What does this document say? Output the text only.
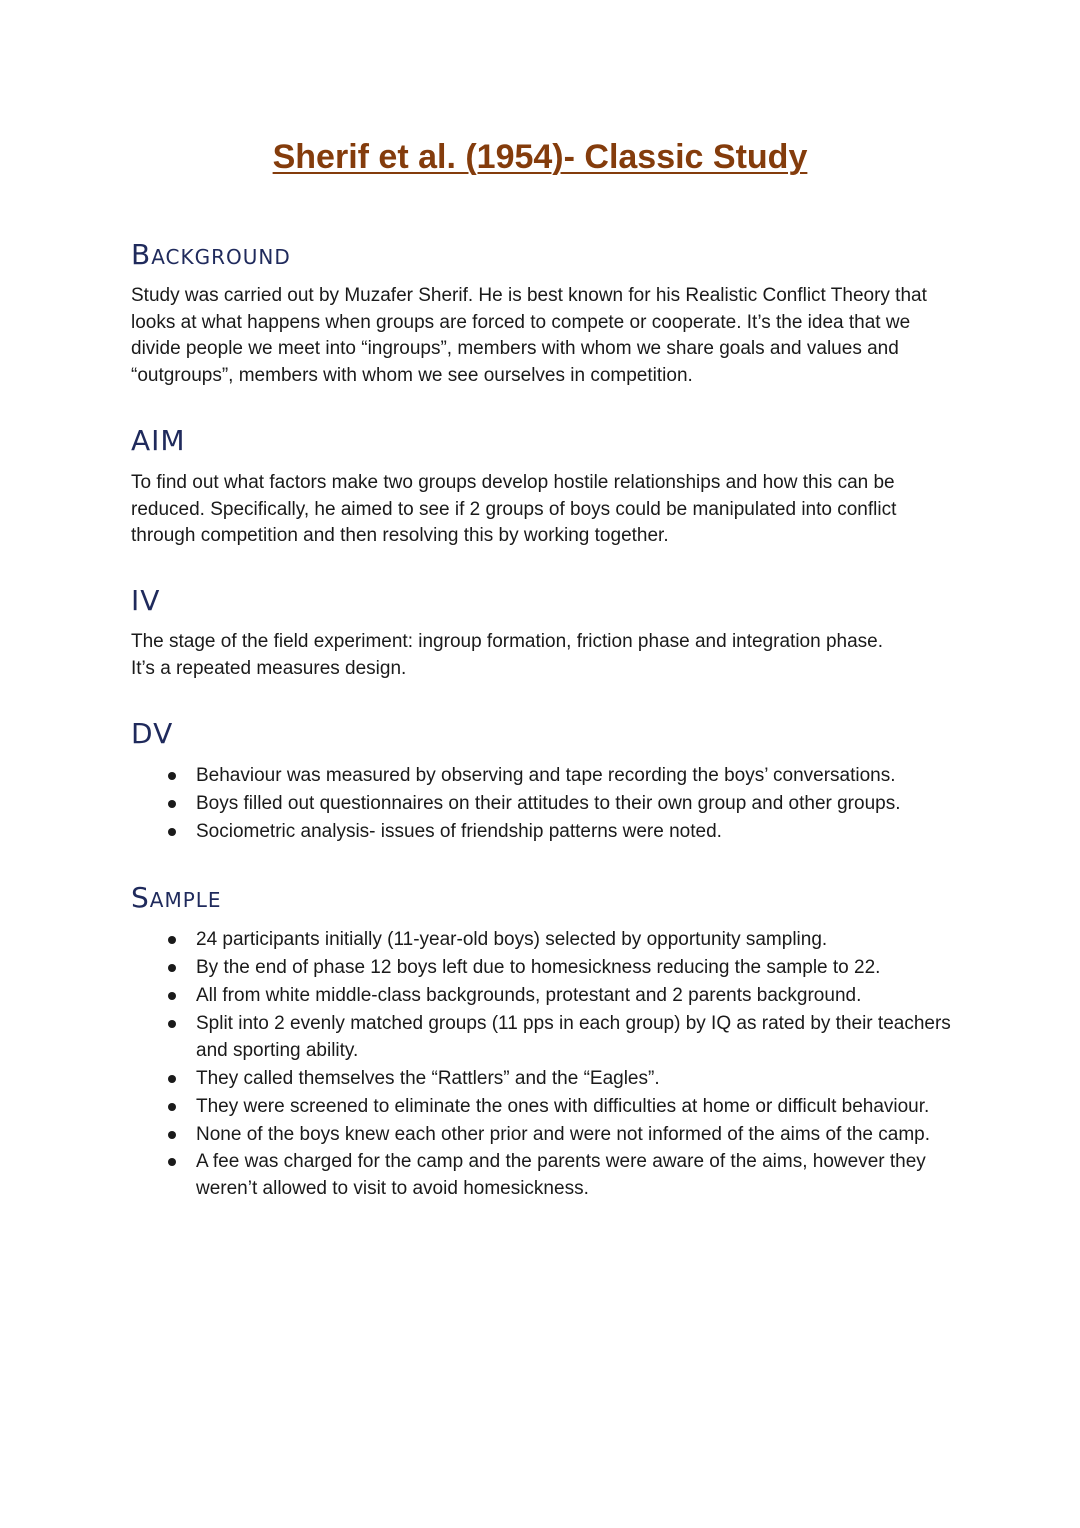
Sherif et al. (1954)- Classic Study
Background

Study was carried out by Muzafer Sherif. He is best known for his Realistic Conflict Theory that looks at what happens when groups are forced to compete or cooperate. It’s the idea that we divide people we meet into “ingroups”, members with whom we share goals and values and “outgroups”, members with whom we see ourselves in competition.

AIM

To find out what factors make two groups develop hostile relationships and how this can be reduced. Specifically, he aimed to see if 2 groups of boys could be manipulated into conflict through competition and then resolving this by working together.

IV

The stage of the field experiment: ingroup formation, friction phase and integration phase.

It’s a repeated measures design.

DV
Behaviour was measured by observing and tape recording the boys’ conversations.
Boys filled out questionnaires on their attitudes to their own group and other groups.
Sociometric analysis- issues of friendship patterns were noted.
Sample
24 participants initially (11-year-old boys) selected by opportunity sampling.
By the end of phase 12 boys left due to homesickness reducing the sample to 22.
All from white middle-class backgrounds, protestant and 2 parents background.
Split into 2 evenly matched groups (11 pps in each group) by IQ as rated by their teachers and sporting ability.
They called themselves the “Rattlers” and the “Eagles”.
They were screened to eliminate the ones with difficulties at home or difficult behaviour.
None of the boys knew each other prior and were not informed of the aims of the camp.
A fee was charged for the camp and the parents were aware of the aims, however they weren’t allowed to visit to avoid homesickness.
